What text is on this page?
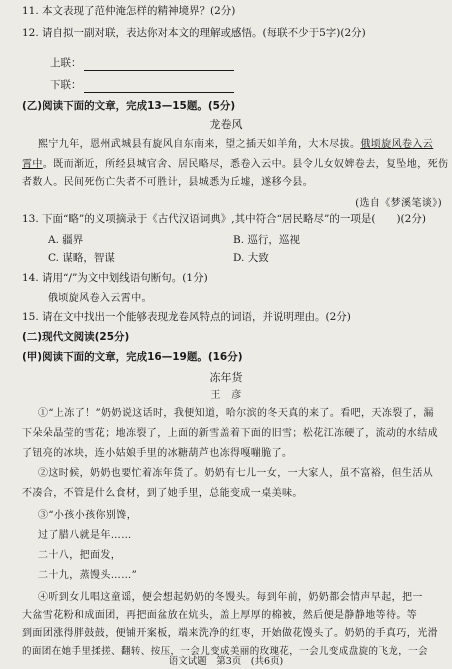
11. 本文表现了范仲淹怎样的精神境界？(2分)
12. 请自拟一副对联，表达你对本文的理解或感悟。(每联不少于5字)(2分)
上联：
下联：
(乙)阅读下面的文章，完成13—15题。(5分)
龙卷风
熙宁九年，恩州武城县有旋风自东南来，望之插天如羊角，大木尽拔。俄顷旋风卷入云
霄中。既而渐近，所经县城官舍、居民略尽，悉卷入云中。县令儿女奴婢卷去，复坠地，死伤
者数人。民间死伤亡失者不可胜计，县城悉为丘墟，遂移今县。
(选自《梦溪笔谈》)
13. 下面“略”的义项摘录于《古代汉语词典》,其中符合“居民略尽”的一项是(　　)(2分)
A. 疆界	B. 巡行，巡视
C. 谋略，智谋	D. 大致
14. 请用“/”为文中划线语句断句。(1分)
俄顷旋风卷入云霄中。
15. 请在文中找出一个能够表现龙卷风特点的词语，并说明理由。(2分)
(二)现代文阅读(25分)
(甲)阅读下面的文章，完成16—19题。(16分)
冻年货
王　彦
①“上冻了！”奶奶说这话时，我便知道，哈尔滨的冬天真的来了。看吧，天冻裂了，漏
下朵朵晶莹的雪花；地冻裂了，上面的新雪盖着下面的旧雪；松花江冻硬了，流动的水结成
了钮亮的冰块，连小姑娘手里的冰糖葫芦也冻得嘎嘣脆了。
②这时候，奶奶也要忙着冻年货了。奶奶有七儿一女，一大家人，虽不富裕，但生活从
不凑合，不管是什么食材，到了她手里，总能变成一桌美味。
③“小孩小孩你别馋，
过了腊八就是年……
二十八，把面发，
二十九，蒸馒头……”
④听到女儿唱这童谣，便会想起奶奶的冬馒头。每到年前，奶奶都会情声早起，把一
大盆雪花粉和成面团，再把面盆放在炕头，盖上厚厚的棉被，然后便是静静地等待。等
到面团涨得胖鼓鼓，便铺开案板，端来洗净的红枣，开始做花馒头了。奶奶的手真巧，光滑
的面团在她手里揉搓、翻转、按压，一会儿变成美丽的玫瑰花，一会儿变成盘旋的飞龙，一会
语文试题　第3页　(共6页)
